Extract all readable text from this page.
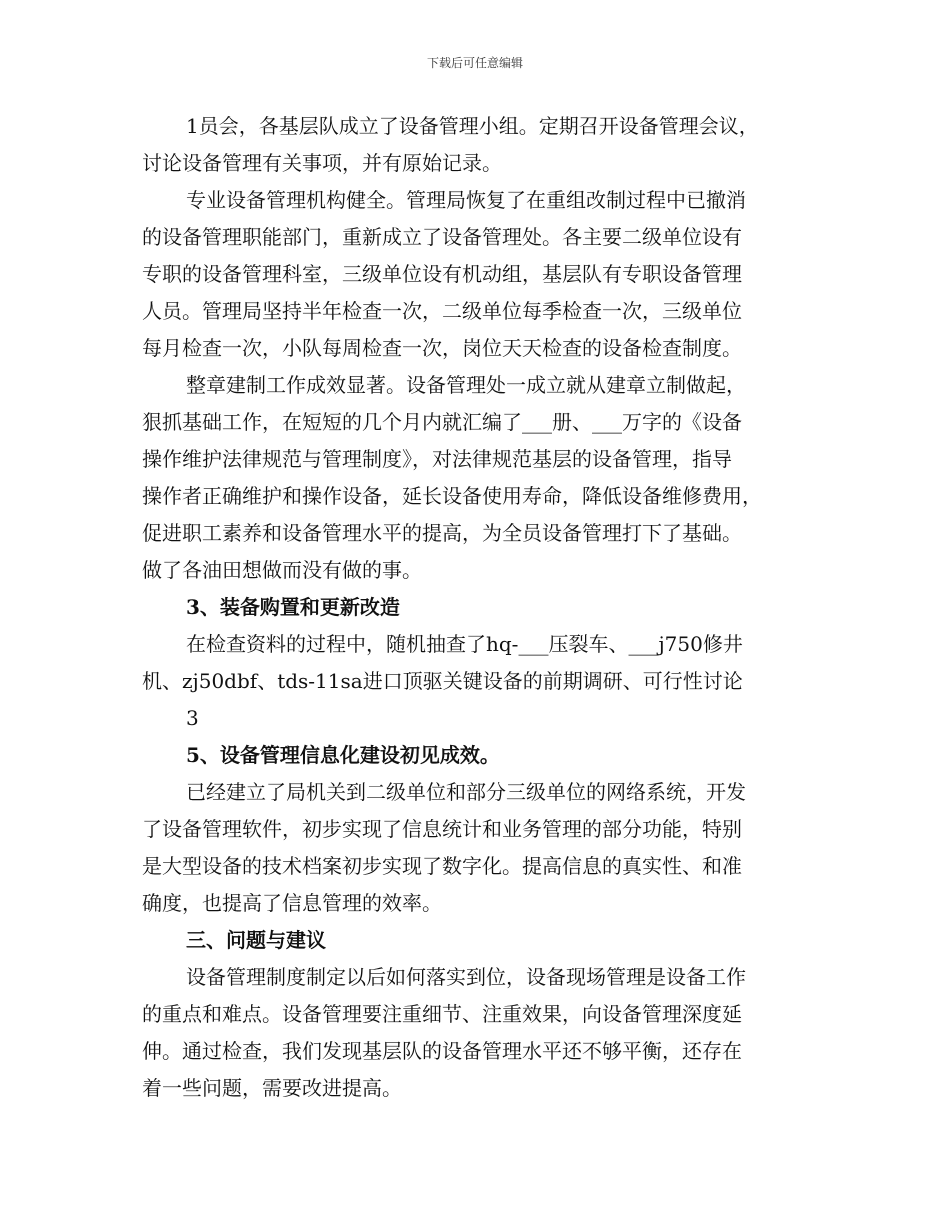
下载后可任意编辑
1员会，各基层队成立了设备管理小组。定期召开设备管理会议，
讨论设备管理有关事项，并有原始记录。
专业设备管理机构健全。管理局恢复了在重组改制过程中已撤消
的设备管理职能部门，重新成立了设备管理处。各主要二级单位设有
专职的设备管理科室，三级单位设有机动组，基层队有专职设备管理
人员。管理局坚持半年检查一次，二级单位每季检查一次，三级单位
每月检查一次，小队每周检查一次，岗位天天检查的设备检查制度。
整章建制工作成效显著。设备管理处一成立就从建章立制做起，
狠抓基础工作，在短短的几个月内就汇编了___册、___万字的《设备
操作维护法律规范与管理制度》，对法律规范基层的设备管理，指导
操作者正确维护和操作设备，延长设备使用寿命，降低设备维修费用，
促进职工素养和设备管理水平的提高，为全员设备管理打下了基础。
做了各油田想做而没有做的事。
3、装备购置和更新改造
在检查资料的过程中，随机抽查了hq-___压裂车、___j750修井
机、zj50dbf、tds-11sa进口顶驱关键设备的前期调研、可行性讨论
3
5、设备管理信息化建设初见成效。
已经建立了局机关到二级单位和部分三级单位的网络系统，开发
了设备管理软件，初步实现了信息统计和业务管理的部分功能，特别
是大型设备的技术档案初步实现了数字化。提高信息的真实性、和准
确度，也提高了信息管理的效率。
三、问题与建议
设备管理制度制定以后如何落实到位，设备现场管理是设备工作
的重点和难点。设备管理要注重细节、注重效果，向设备管理深度延
伸。通过检查，我们发现基层队的设备管理水平还不够平衡，还存在
着一些问题，需要改进提高。
